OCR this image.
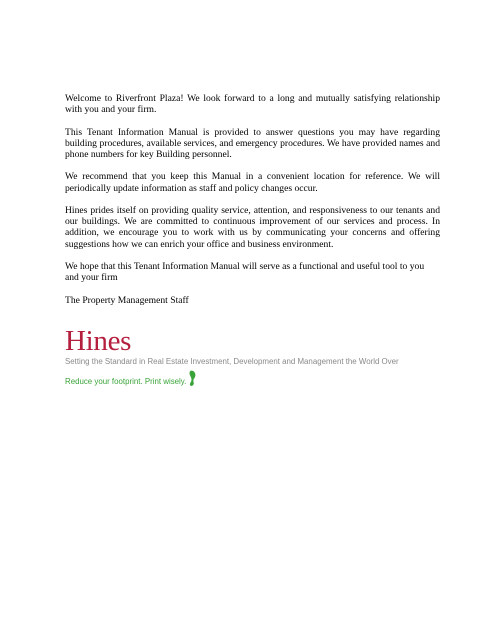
Welcome to Riverfront Plaza! We look forward to a long and mutually satisfying relationship with you and your firm.

This Tenant Information Manual is provided to answer questions you may have regarding building procedures, available services, and emergency procedures. We have provided names and phone numbers for key Building personnel.

We recommend that you keep this Manual in a convenient location for reference. We will periodically update information as staff and policy changes occur.

Hines prides itself on providing quality service, attention, and responsiveness to our tenants and our buildings. We are committed to continuous improvement of our services and process. In addition, we encourage you to work with us by communicating your concerns and offering suggestions how we can enrich your office and business environment.

We hope that this Tenant Information Manual will serve as a functional and useful tool to you and your firm

The Property Management Staff

Hines
Setting the Standard in Real Estate Investment, Development and Management the World Over
Reduce your footprint. Print wisely.
